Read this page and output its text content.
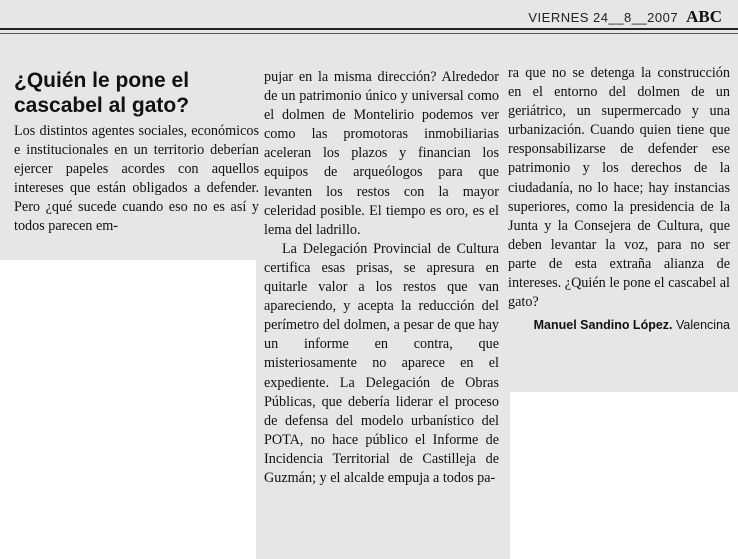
VIERNES 24__8__2007 ABC
¿Quién le pone el cascabel al gato?

Los distintos agentes sociales, económicos e institucionales en un territorio deberían ejercer papeles acordes con aquellos intereses que están obligados a defender. Pero ¿qué sucede cuando eso no es así y todos parecen em-

pujar en la misma dirección? Alrededor de un patrimonio único y universal como el dolmen de Montelirio podemos ver como las promotoras inmobiliarias aceleran los plazos y financian los equipos de arqueólogos para que levanten los restos con la mayor celeridad posible. El tiempo es oro, es el lema del ladrillo.

La Delegación Provincial de Cultura certifica esas prisas, se apresura en quitarle valor a los restos que van apareciendo, y acepta la reducción del perímetro del dolmen, a pesar de que hay un informe en contra, que misteriosamente no aparece en el expediente. La Delegación de Obras Públicas, que debería liderar el proceso de defensa del modelo urbanístico del POTA, no hace público el Informe de Incidencia Territorial de Castilleja de Guzmán; y el alcalde empuja a todos pa-

ra que no se detenga la construcción en el entorno del dolmen de un geriátrico, un supermercado y una urbanización. Cuando quien tiene que responsabilizarse de defender ese patrimonio y los derechos de la ciudadanía, no lo hace; hay instancias superiores, como la presidencia de la Junta y la Consejera de Cultura, que deben levantar la voz, para no ser parte de esta extraña alianza de intereses. ¿Quién le pone el cascabel al gato?

Manuel Sandino López. Valencina
